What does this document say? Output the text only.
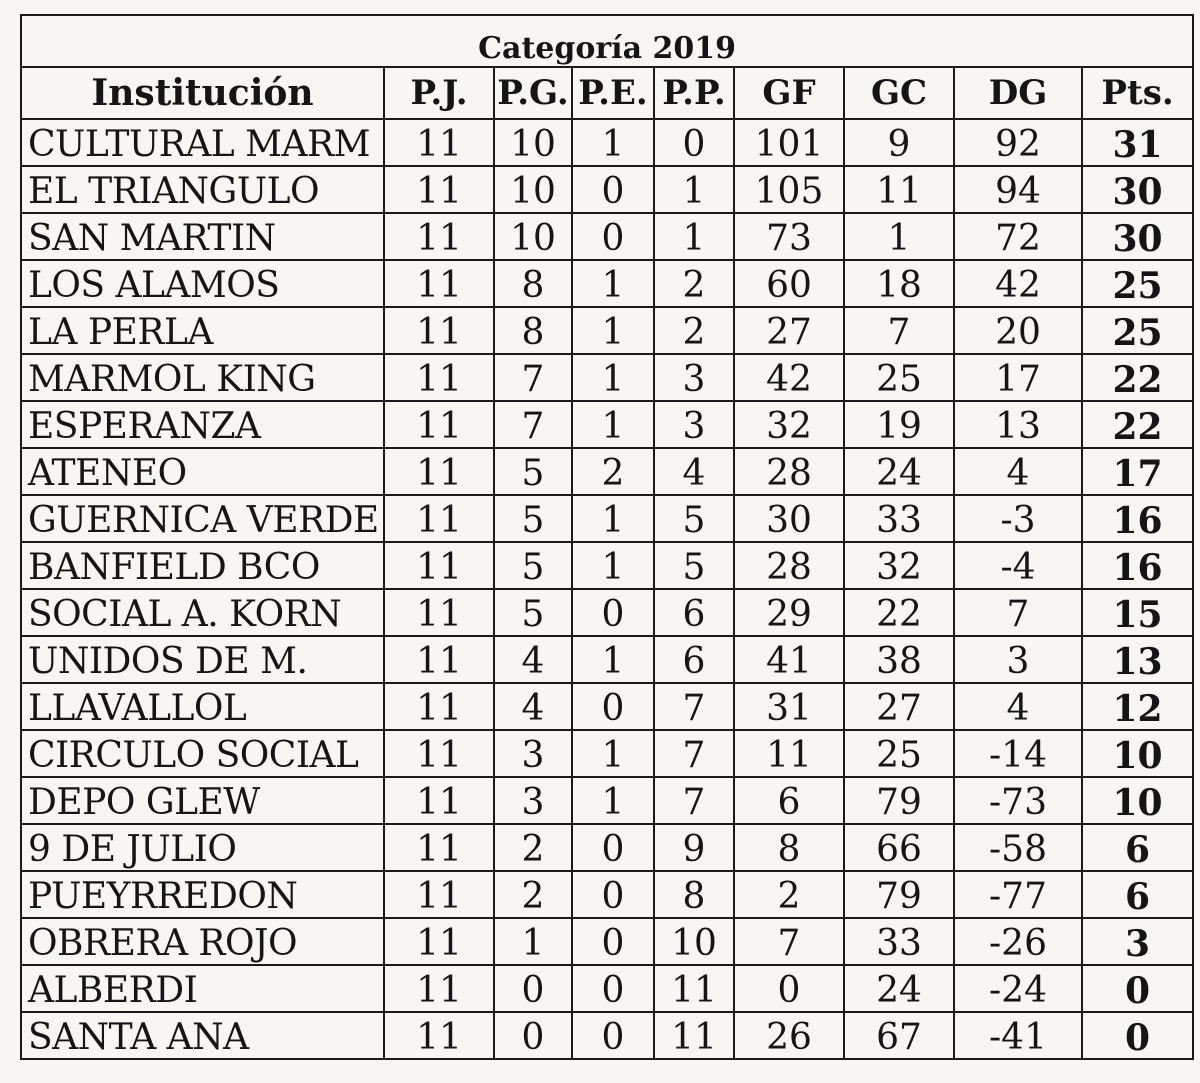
Categoría 2019								
Institución	P.J.	P.G.	P.E.	P.P.	GF	GC	DG	Pts.
CULTURAL MARM	11	10	1	0	101	9	92	31
EL TRIANGULO	11	10	0	1	105	11	94	30
SAN MARTIN	11	10	0	1	73	1	72	30
LOS ALAMOS	11	8	1	2	60	18	42	25
LA PERLA	11	8	1	2	27	7	20	25
MARMOL KING	11	7	1	3	42	25	17	22
ESPERANZA	11	7	1	3	32	19	13	22
ATENEO	11	5	2	4	28	24	4	17
GUERNICA VERDE	11	5	1	5	30	33	-3	16
BANFIELD BCO	11	5	1	5	28	32	-4	16
SOCIAL A. KORN	11	5	0	6	29	22	7	15
UNIDOS DE M.	11	4	1	6	41	38	3	13
LLAVALLOL	11	4	0	7	31	27	4	12
CIRCULO SOCIAL	11	3	1	7	11	25	-14	10
DEPO GLEW	11	3	1	7	6	79	-73	10
9 DE JULIO	11	2	0	9	8	66	-58	6
PUEYRREDON	11	2	0	8	2	79	-77	6
OBRERA ROJO	11	1	0	10	7	33	-26	3
ALBERDI	11	0	0	11	0	24	-24	0
SANTA ANA	11	0	0	11	26	67	-41	0
